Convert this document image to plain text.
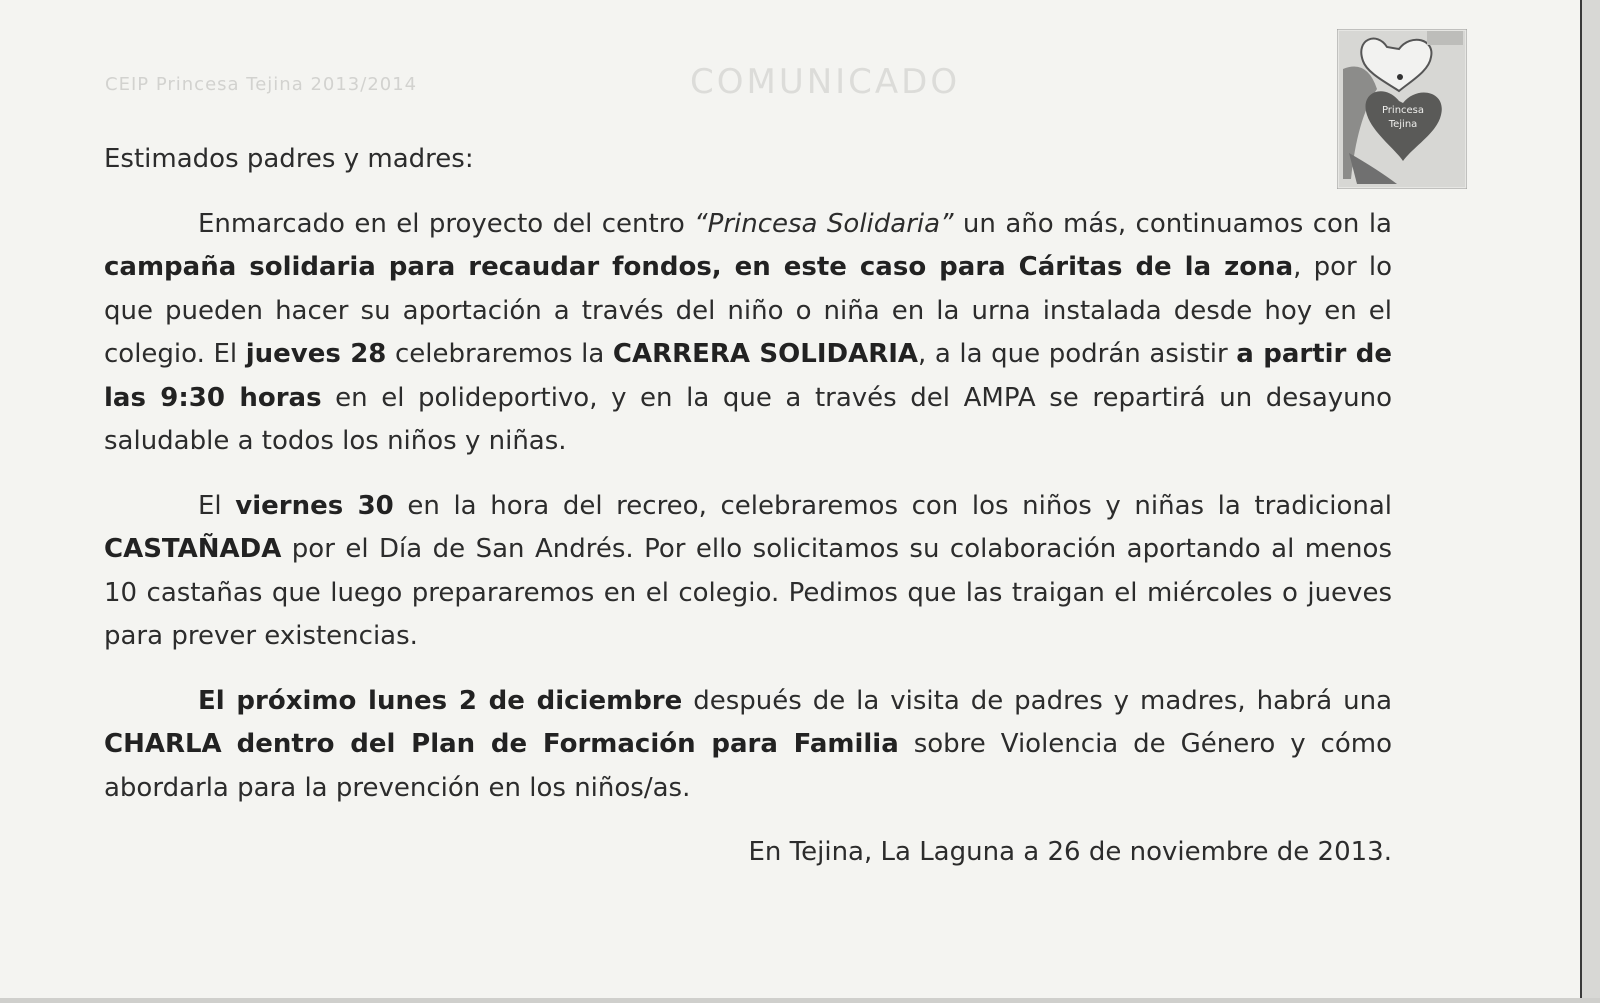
CEIP Princesa Tejina 2013/2014	COMUNICADO
Princesa
Tejina
Estimados padres y madres:
Enmarcado en el proyecto del centro “Princesa Solidaria” un año más, continuamos con la campaña solidaria para recaudar fondos, en este caso para Cáritas de la zona, por lo que pueden hacer su aportación a través del niño o niña en la urna instalada desde hoy en el colegio. El jueves 28 celebraremos la CARRERA SOLIDARIA, a la que podrán asistir a partir de las 9:30 horas en el polideportivo, y en la que a través del AMPA se repartirá un desayuno saludable a todos los niños y niñas.
El viernes 30 en la hora del recreo, celebraremos con los niños y niñas la tradicional CASTAÑADA por el Día de San Andrés. Por ello solicitamos su colaboración aportando al menos 10 castañas que luego prepararemos en el colegio. Pedimos que las traigan el miércoles o jueves para prever existencias.
El próximo lunes 2 de diciembre después de la visita de padres y madres, habrá una CHARLA dentro del Plan de Formación para Familia sobre Violencia de Género y cómo abordarla para la prevención en los niños/as.
En Tejina, La Laguna a 26 de noviembre de 2013.
